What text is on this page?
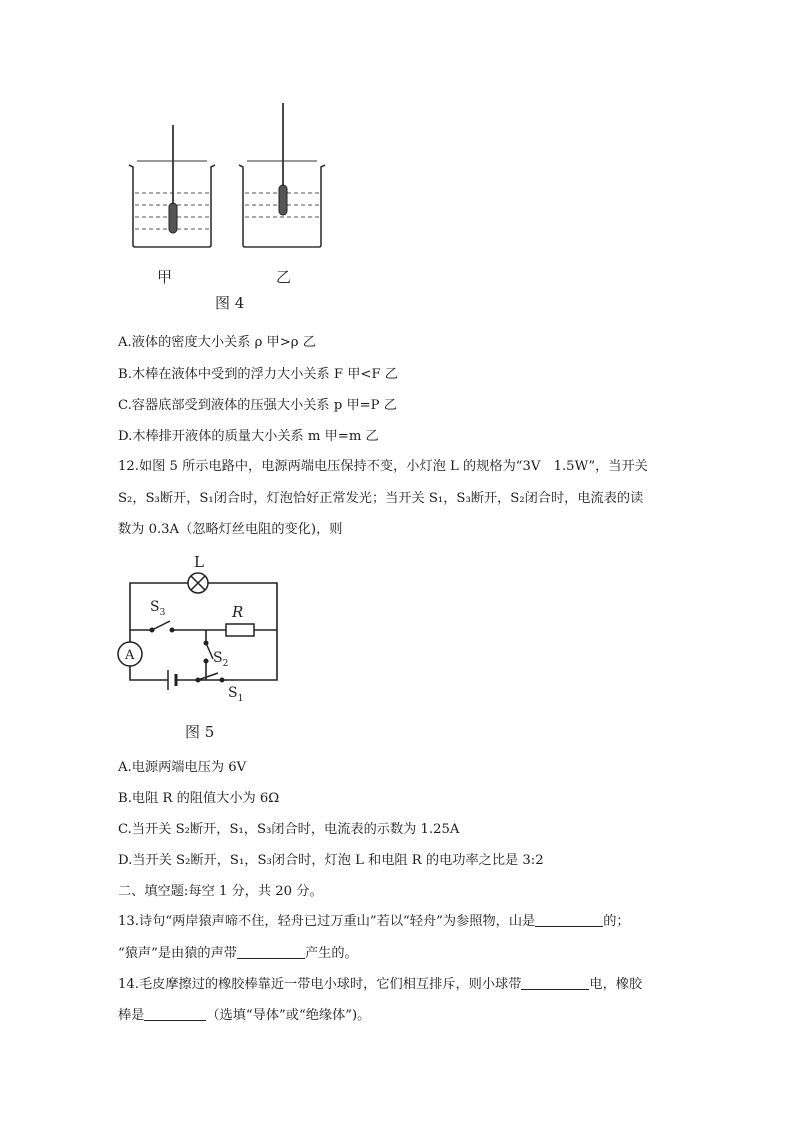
甲	乙
图 4
A.液体的密度大小关系 ρ 甲>ρ 乙
B.木棒在液体中受到的浮力大小关系 F 甲<F 乙
C.容器底部受到液体的压强大小关系 p 甲=P 乙
D.木棒排开液体的质量大小关系 m 甲=m 乙
12.如图 5 所示电路中，电源两端电压保持不变，小灯泡 L 的规格为“3V　1.5W”，当开关
S₂，S₃断开，S₁闭合时，灯泡恰好正常发光；当开关 S₁，S₃断开，S₂闭合时，电流表的读
数为 0.3A（忽略灯丝电阻的变化)，则
L
R
$S_3$
$S_2$
$S_1$
A
图 5
A.电源两端电压为 6V
B.电阻 R 的阻值大小为 6Ω
C.当开关 S₂断开，S₁，S₃闭合时，电流表的示数为 1.25A
D.当开关 S₂断开，S₁，S₃闭合时，灯泡 L 和电阻 R 的电功率之比是 3:2
二、填空题:每空 1 分，共 20 分。
13.诗句“两岸猿声啼不住，轻舟已过万重山”若以“轻舟”为参照物，山是	的；
“猿声”是由猿的声带	产生的。
14.毛皮摩擦过的橡胶棒靠近一带电小球时，它们相互排斥，则小球带	电，橡胶
棒是	（选填“导体”或“绝缘体”)。
